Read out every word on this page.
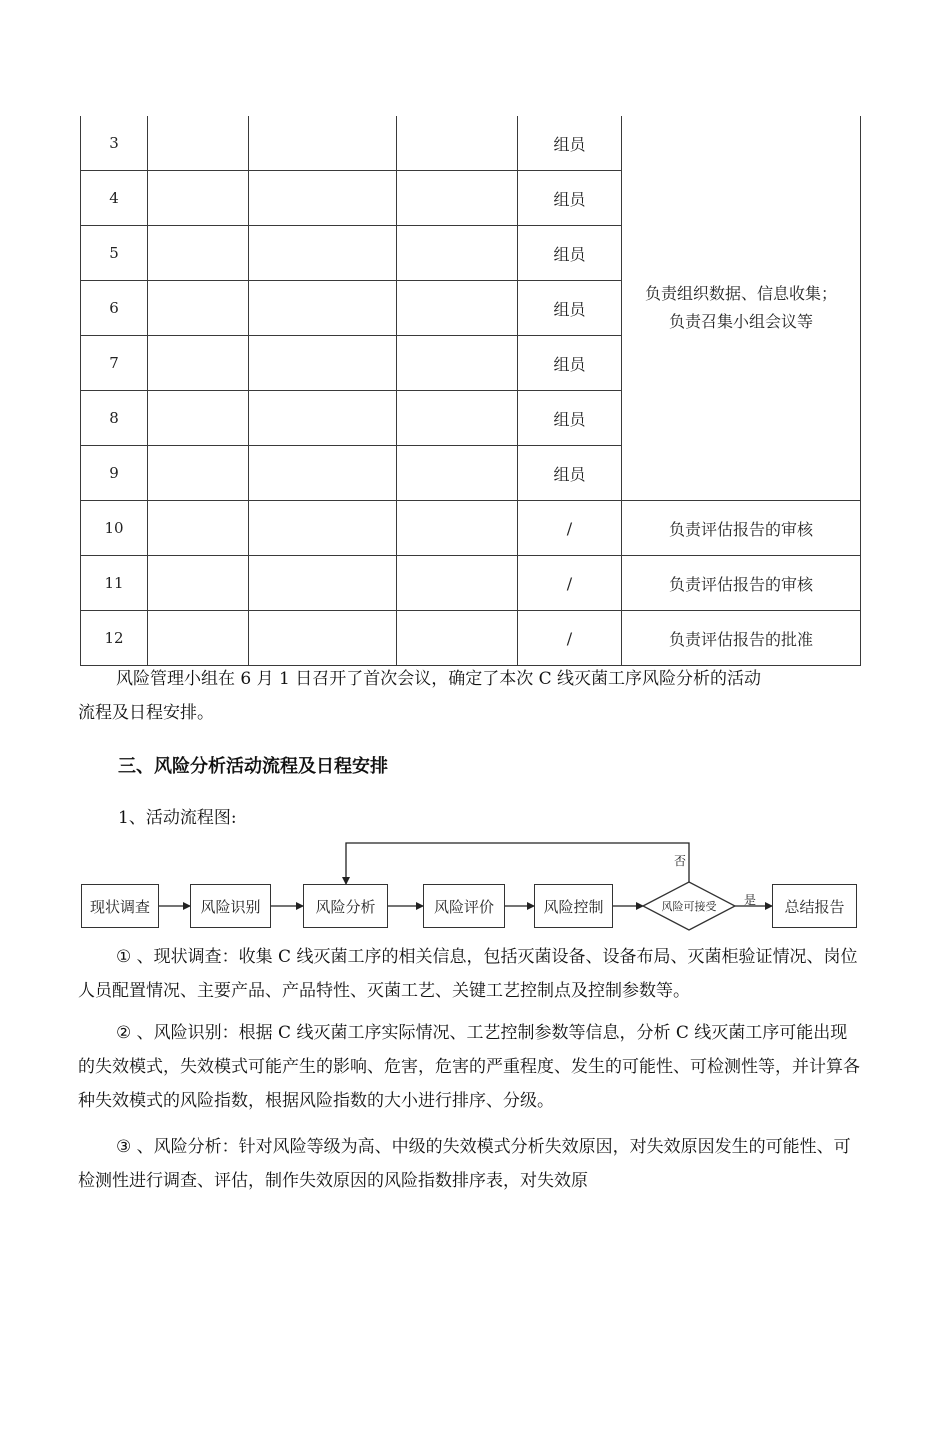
3				组员	负责组织数据、信息收集；
负责召集小组会议等
4				组员	
5				组员	
6				组员	
7				组员	
8				组员	
9				组员	
10				/	负责评估报告的审核
11				/	负责评估报告的审核
12				/	负责评估报告的批准

风险管理小组在 6 月 1 日召开了首次会议，确定了本次 C 线灭菌工序风险分析的活动流程及日程安排。

三、风险分析活动流程及日程安排

1、活动流程图:

风险可接受
现状调查	风险识别	风险分析	风险评价	风险控制	总结报告
是
否

① 、现状调查：收集 C 线灭菌工序的相关信息，包括灭菌设备、设备布局、灭菌柜验证情况、岗位人员配置情况、主要产品、产品特性、灭菌工艺、关键工艺控制点及控制参数等。

② 、风险识别：根据 C 线灭菌工序实际情况、工艺控制参数等信息，分析 C 线灭菌工序可能出现的失效模式，失效模式可能产生的影响、危害，危害的严重程度、发生的可能性、可检测性等，并计算各种失效模式的风险指数，根据风险指数的大小进行排序、分级。

③ 、风险分析：针对风险等级为高、中级的失效模式分析失效原因，对失效原因发生的可能性、可检测性进行调查、评估，制作失效原因的风险指数排序表，对失效原
